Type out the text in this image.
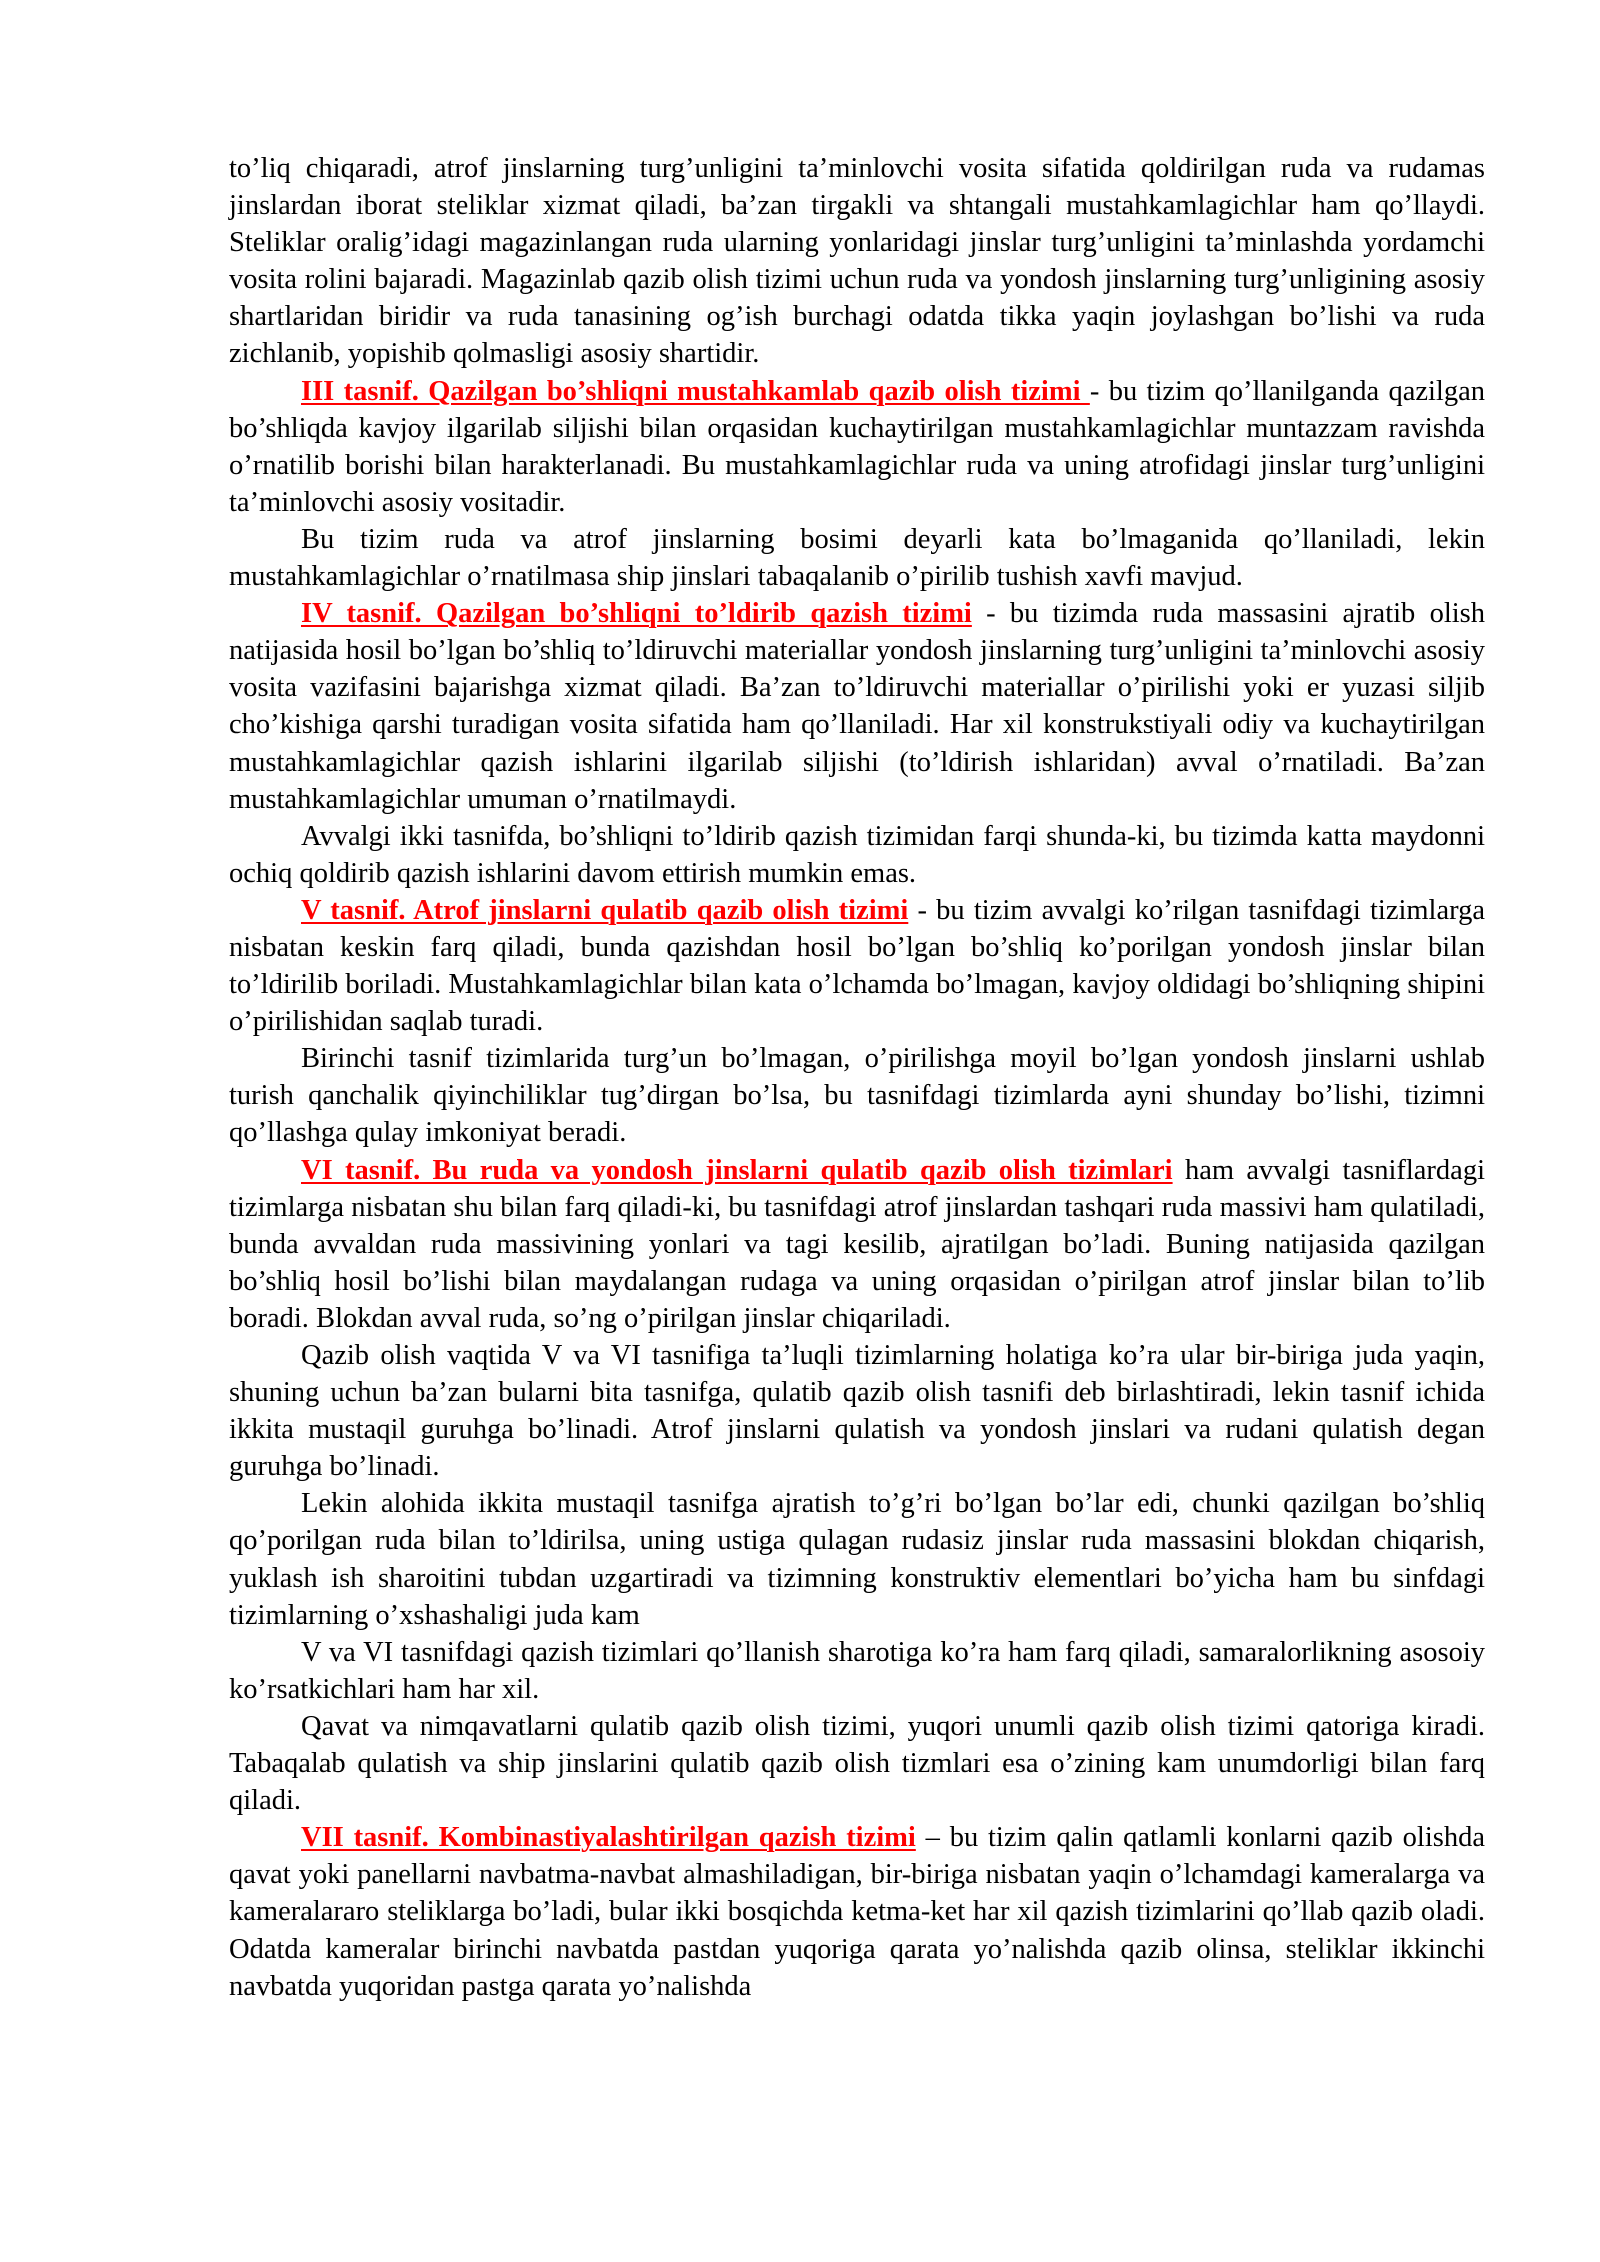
to’liq chiqaradi, atrof jinslarning turg’unligini ta’minlovchi vosita sifatida qoldirilgan ruda va rudamas jinslardan iborat steliklar xizmat qiladi, ba’zan tirgakli va shtangali mustahkamlagichlar ham qo’llaydi. Steliklar oralig’idagi magazinlangan ruda ularning yonlaridagi jinslar turg’unligini ta’minlashda yordamchi vosita rolini bajaradi. Magazinlab qazib olish tizimi uchun ruda va yondosh jinslarning turg’unligining asosiy shartlaridan biridir va ruda tanasining og’ish burchagi odatda tikka yaqin joylashgan bo’lishi va ruda zichlanib, yopishib qolmasligi asosiy shartidir.

III tasnif. Qazilgan bo’shliqni mustahkamlab qazib olish tizimi - bu tizim qo’llanilganda qazilgan bo’shliqda kavjoy ilgarilab siljishi bilan orqasidan kuchaytirilgan mustahkamlagichlar muntazzam ravishda o’rnatilib borishi bilan harakterlanadi. Bu mustahkamlagichlar ruda va uning atrofidagi jinslar turg’unligini ta’minlovchi asosiy vositadir.

Bu tizim ruda va atrof jinslarning bosimi deyarli kata bo’lmaganida qo’llaniladi, lekin mustahkamlagichlar o’rnatilmasa ship jinslari tabaqalanib o’pirilib tushish xavfi mavjud.

IV tasnif. Qazilgan bo’shliqni to’ldirib qazish tizimi - bu tizimda ruda massasini ajratib olish natijasida hosil bo’lgan bo’shliq to’ldiruvchi materiallar yondosh jinslarning turg’unligini ta’minlovchi asosiy vosita vazifasini bajarishga xizmat qiladi. Ba’zan to’ldiruvchi materiallar o’pirilishi yoki er yuzasi siljib cho’kishiga qarshi turadigan vosita sifatida ham qo’llaniladi. Har xil konstrukstiyali odiy va kuchaytirilgan mustahkamlagichlar qazish ishlarini ilgarilab siljishi (to’ldirish ishlaridan) avval o’rnatiladi. Ba’zan mustahkamlagichlar umuman o’rnatilmaydi.

Avvalgi ikki tasnifda, bo’shliqni to’ldirib qazish tizimidan farqi shunda-ki, bu tizimda katta maydonni ochiq qoldirib qazish ishlarini davom ettirish mumkin emas.

V tasnif. Atrof jinslarni qulatib qazib olish tizimi - bu tizim avvalgi ko’rilgan tasnifdagi tizimlarga nisbatan keskin farq qiladi, bunda qazishdan hosil bo’lgan bo’shliq ko’porilgan yondosh jinslar bilan to’ldirilib boriladi. Mustahkamlagichlar bilan kata o’lchamda bo’lmagan, kavjoy oldidagi bo’shliqning shipini o’pirilishidan saqlab turadi.

Birinchi tasnif tizimlarida turg’un bo’lmagan, o’pirilishga moyil bo’lgan yondosh jinslarni ushlab turish qanchalik qiyinchiliklar tug’dirgan bo’lsa, bu tasnifdagi tizimlarda ayni shunday bo’lishi, tizimni qo’llashga qulay imkoniyat beradi.

VI tasnif. Bu ruda va yondosh jinslarni qulatib qazib olish tizimlari ham avvalgi tasniflardagi tizimlarga nisbatan shu bilan farq qiladi-ki, bu tasnifdagi atrof jinslardan tashqari ruda massivi ham qulatiladi, bunda avvaldan ruda massivining yonlari va tagi kesilib, ajratilgan bo’ladi. Buning natijasida qazilgan bo’shliq hosil bo’lishi bilan maydalangan rudaga va uning orqasidan o’pirilgan atrof jinslar bilan to’lib boradi. Blokdan avval ruda, so’ng o’pirilgan jinslar chiqariladi.

Qazib olish vaqtida V va VI tasnifiga ta’luqli tizimlarning holatiga ko’ra ular bir-biriga juda yaqin, shuning uchun ba’zan bularni bita tasnifga, qulatib qazib olish tasnifi deb birlashtiradi, lekin tasnif ichida ikkita mustaqil guruhga bo’linadi. Atrof jinslarni qulatish va yondosh jinslari va rudani qulatish degan guruhga bo’linadi.

Lekin alohida ikkita mustaqil tasnifga ajratish to’g’ri bo’lgan bo’lar edi, chunki qazilgan bo’shliq qo’porilgan ruda bilan to’ldirilsa, uning ustiga qulagan rudasiz jinslar ruda massasini blokdan chiqarish, yuklash ish sharoitini tubdan uzgartiradi va tizimning konstruktiv elementlari bo’yicha ham bu sinfdagi tizimlarning o’xshashaligi juda kam

V va VI tasnifdagi qazish tizimlari qo’llanish sharotiga ko’ra ham farq qiladi, samaralorlikning asosoiy ko’rsatkichlari ham har xil.

Qavat va nimqavatlarni qulatib qazib olish tizimi, yuqori unumli qazib olish tizimi qatoriga kiradi. Tabaqalab qulatish va ship jinslarini qulatib qazib olish tizmlari esa o’zining kam unumdorligi bilan farq qiladi.

VII tasnif. Kombinastiyalashtirilgan qazish tizimi – bu tizim qalin qatlamli konlarni qazib olishda qavat yoki panellarni navbatma-navbat almashiladigan, bir-biriga nisbatan yaqin o’lchamdagi kameralarga va kameralararo steliklarga bo’ladi, bular ikki bosqichda ketma-ket har xil qazish tizimlarini qo’llab qazib oladi. Odatda kameralar birinchi navbatda pastdan yuqoriga qarata yo’nalishda qazib olinsa, steliklar ikkinchi navbatda yuqoridan pastga qarata yo’nalishda
